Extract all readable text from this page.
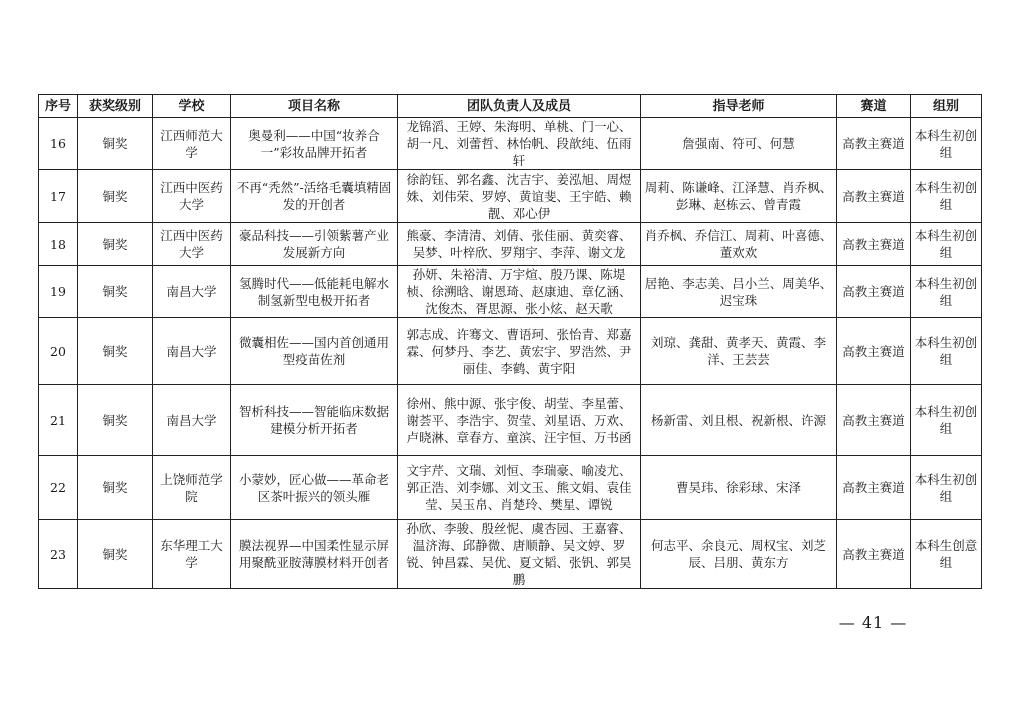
序号	获奖级别	学校	项目名称	团队负责人及成员	指导老师	赛道	组别
16	铜奖	江西师范大学	奥曼利——中国“妆养合一”彩妆品牌开拓者	龙锦滔、王婷、朱海明、单桃、门一心、胡一凡、刘蕾哲、林怡帆、段歆纯、伍雨轩	詹强南、符可、何慧	高教主赛道	本科生初创组
17	铜奖	江西中医药大学	不再“秃然”-活络毛囊填精固发的开创者	徐韵钰、郭名鑫、沈吉宇、姜泓旭、周煜姝、刘伟荣、罗婷、黄谊斐、王宇皓、赖靓、邓心伊	周莉、陈谦峰、江泽慧、肖乔枫、彭琳、赵栋云、曾青霞	高教主赛道	本科生初创组
18	铜奖	江西中医药大学	豪品科技——引领紫薯产业发展新方向	熊豪、李清清、刘倩、张佳丽、黄奕睿、吴梦、叶梓欣、罗翔宇、李萍、谢文龙	肖乔枫、乔信江、周莉、叶喜德、董欢欢	高教主赛道	本科生初创组
19	铜奖	南昌大学	氢腾时代——低能耗电解水制氢新型电极开拓者	孙妍、朱裕清、万宇煊、殷乃课、陈堤桢、徐溯晗、谢恩琦、赵康迪、章亿涵、沈俊杰、胥思源、张小炫、赵天歌	居艳、李志美、吕小兰、周美华、迟宝珠	高教主赛道	本科生初创组
20	铜奖	南昌大学	微囊相佐——国内首创通用型疫苗佐剂	郭志成、许骞文、曹语珂、张怡青、郑嘉霖、何梦丹、李艺、黄宏宇、罗浩然、尹丽佳、李鹤、黄宇阳	刘琼、龚甜、黄孝天、黄霞、李洋、王芸芸	高教主赛道	本科生初创组
21	铜奖	南昌大学	智析科技——智能临床数据建模分析开拓者	徐州、熊中源、张宇俊、胡莹、李星蕾、谢荟平、李浩宇、贺莹、刘星语、万欢、卢晓淋、章春方、童滨、汪宇恒、万书函	杨新雷、刘且根、祝新根、许源	高教主赛道	本科生初创组
22	铜奖	上饶师范学院	小蒙妙，匠心做——革命老区茶叶振兴的领头雁	文宇芹、文瑞、刘恒、李瑞豪、喻凌尤、郭正浩、刘李娜、刘文玉、熊文娟、袁佳莹、吴玉帛、肖楚玲、樊星、谭锐	曹昊玮、徐彩球、宋泽	高教主赛道	本科生初创组
23	铜奖	东华理工大学	膜法视界—中国柔性显示屏用聚酰亚胺薄膜材料开创者	孙欣、李骏、殷丝怩、虞杏园、王嘉睿、温济海、邱静微、唐顺静、吴文婷、罗锐、钟昌霖、吴优、夏文韬、张钒、郭昊鹏	何志平、余良元、周权宝、刘芝辰、吕朋、黄东方	高教主赛道	本科生创意组
— 41 —
